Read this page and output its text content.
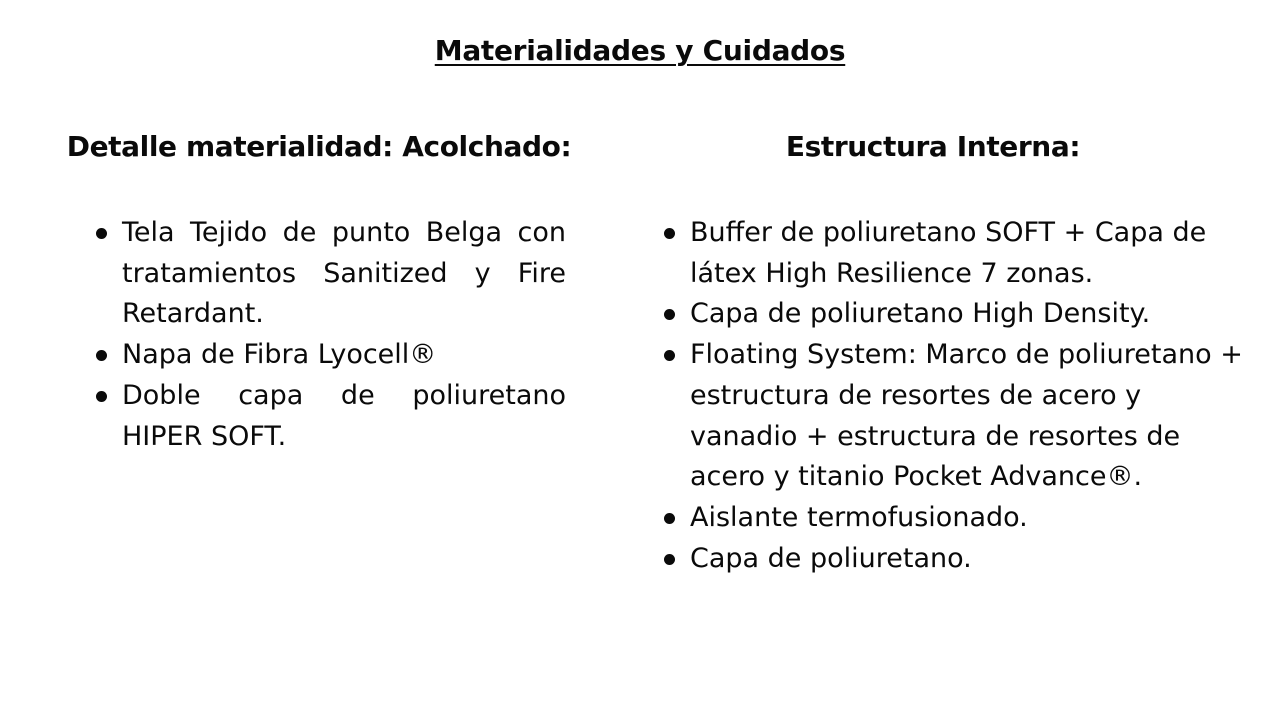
Materialidades y Cuidados
Detalle materialidad: Acolchado:	Estructura Interna:
Tela Tejido de punto Belga con tratamientos Sanitized y Fire Retardant.
Napa de Fibra Lyocell®
Doble capa de poliuretano HIPER SOFT.
Buffer de poliuretano SOFT + Capa de látex High Resilience 7 zonas.
Capa de poliuretano High Density.
Floating System: Marco de poliuretano + estructura de resortes de acero y vanadio + estructura de resortes de acero y titanio Pocket Advance®.
Aislante termofusionado.
Capa de poliuretano.
